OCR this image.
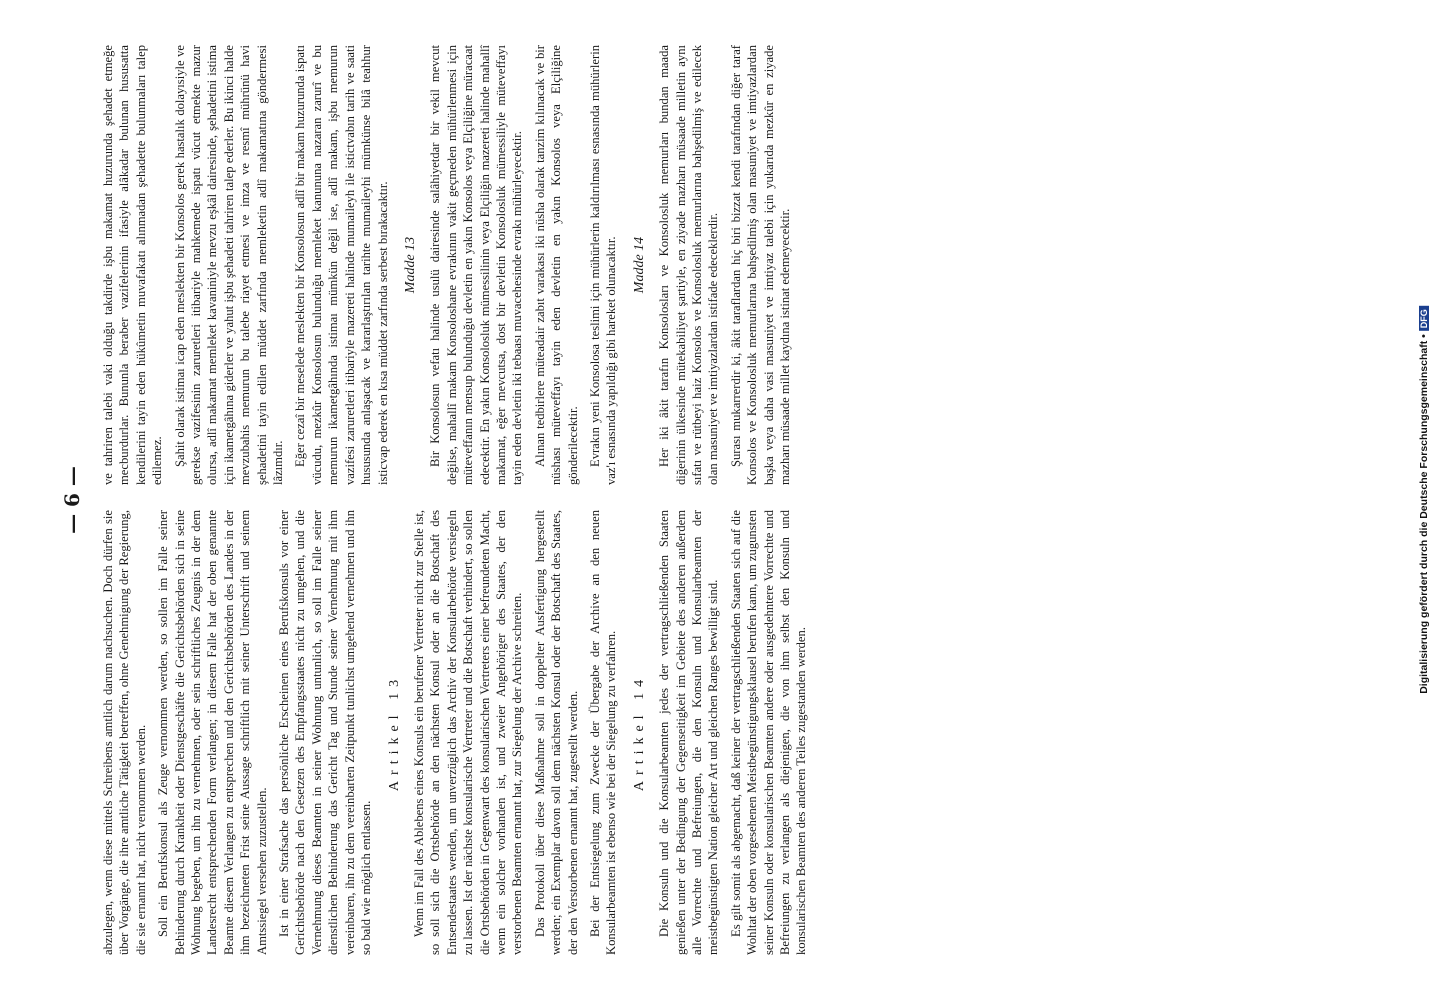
— 6 —

abzulegen, wenn diese mittels Schreibens amtlich darum nachsuchen. Doch dürfen sie über Vorgänge, die ihre amtliche Tätigkeit betreffen, ohne Genehmigung der Regierung, die sie ernannt hat, nicht vernommen werden. Soll ein Berufskonsul als Zeuge vernommen werden, so sollen im Falle seiner Behinderung durch Krankheit oder Dienstgeschäfte die Gerichtsbehörden sich in seine Wohnung begeben, um ihn zu vernehmen, oder sein schriftliches Zeugnis in der dem Landesrecht entsprechenden Form verlangen; in diesem Falle hat der oben genannte Beamte diesem Verlangen zu entsprechen und den Gerichtsbehörden des Landes in der ihm bezeichneten Frist seine Aussage schriftlich mit seiner Unterschrift und seinem Amtssiegel versehen zuzustellen. Ist in einer Strafsache das persönliche Erscheinen eines Berufskonsuls vor einer Gerichtsbehörde nach den Gesetzen des Empfangsstaates nicht zu umgehen, und die Vernehmung dieses Beamten in seiner Wohnung untunlich, so soll im Falle seiner dienstlichen Behinderung das Gericht Tag und Stunde seiner Vernehmung mit ihm vereinbaren, ihn zu dem vereinbarten Zeitpunkt tunlichst umgehend vernehmen und ihn so bald wie möglich entlassen.

Artikel 13 Wenn im Fall des Ablebens eines Konsuls ein berufener Vertreter nicht zur Stelle ist, so soll sich die Ortsbehörde an den nächsten Konsul oder an die Botschaft des Entsendestaates wenden, um unverzüglich das Archiv der Konsularbehörde versiegeln zu lassen. Ist der nächste konsularische Vertreter und die Botschaft verhindert, so sollen die Ortsbehörden in Gegenwart des konsularischen Vertreters einer befreundeten Macht, wenn ein solcher vorhanden ist, und zweier Angehöriger des Staates, der den verstorbenen Beamten ernannt hat, zur Siegelung der Archive schreiten. Das Protokoll über diese Maßnahme soll in doppelter Ausfertigung hergestellt werden; ein Exemplar davon soll dem nächsten Konsul oder der Botschaft des Staates, der den Verstorbenen ernannt hat, zugestellt werden. Bei der Entsiegelung zum Zwecke der Übergabe der Archive an den neuen Konsularbeamten ist ebenso wie bei der Siegelung zu verfahren. Artikel 14 Die Konsuln und die Konsularbeamten jedes der vertragschließenden Staaten genießen unter der Bedingung der Gegenseitigkeit im Gebiete des anderen außerdem alle Vorrechte und Befreiungen, die den Konsuln und Konsularbeamten der meistbegünstigten Nation gleicher Art und gleichen Ranges bewilligt sind. Es gilt somit als abgemacht, daß keiner der vertragschließenden Staaten sich auf die Wohltat der oben vorgesehenen Meistbegünstigungsklausel berufen kann, um zugunsten seiner Konsuln oder konsularischen Beamten andere oder ausgedehntere Vorrechte und Befreiungen zu verlangen als diejenigen, die von ihm selbst den Konsuln und konsularischen Beamten des anderen Teiles zugestanden werden.

ve tahriren talebi vaki olduğu takdirde işbu makamat huzurunda şehadet etmeğe mecburdurlar. Bununla beraber vazifelerinin ifasiyle alâkadar bulunan hususatta kendilerini tayin eden hükûmetin muvafakatı alınmadan şehadette bulunmaları talep edilemez. Şahit olarak istimaı icap eden meslekten bir Konsolos gerek hastalık dolayısiyle ve gerekse vazifesinin zaruretleri itibariyle mahkemede ispatı vücut etmekte mazur olursa, adlî makamat memleket kavaniniyle mevzu eşkâl dairesinde, şehadetini istima için ikametgâhına giderler ve yahut işbu şehadeti tahriren talep ederler. Bu ikinci halde mevzubahis memurun bu talebe riayet etmesi ve imza ve resmî mührünü havi şehadetini tayin edilen müddet zarfında memleketin adlî makamatına göndermesi lâzımdır. Eğer cezaî bir meselede meslekten bir Konsolosun adlî bir makam huzurunda ispatı vücudu, mezkûr Konsolosun bulunduğu memleket kanununa nazaran zarurî ve bu memurun ikametgâhında istimaı mümkün değil ise, adlî makam, işbu memurun vazifesi zaruretleri itibariyle mazereti halinde mumaileyh ile istictvabın tarih ve saati hususunda anlaşacak ve kararlaştırılan tarihte mumaileyhi mümkünse bilâ teahhur isticvap ederek en kısa müddet zarfında serbest bırakacaktır. Madde 13 Bir Konsolosun vefatı halinde usulü dairesinde salâhiyetdar bir vekil mevcut değilse, mahallî makam Konsoloshane evrakının vakit geçmeden mühürlenmesi için müteveffanın mensup bulunduğu devletin en yakın Konsolos veya Elçiliğine müracaat edecektir. En yakın Konsolosluk mümessilinin veya Elçiliğin mazereti halinde mahallî makamat, eğer mevcutsa, dost bir devletin Konsolosluk mümessiliyle müteveffayı tayin eden devletin iki tebaası muvacehesinde evrakı mühürleyecektir. Alınan tedbirlere müteadair zabıt varakası iki nüsha olarak tanzim kılınacak ve bir nüshası müteveffayı tayin eden devletin en yakın Konsolos veya Elçiliğine gönderilecektir. Evrakın yeni Konsolosa teslimi için mühürlerin kaldırılması esnasında mühürlerin vaz'ı esnasında yapıldığı gibi hareket olunacaktır. Madde 14 Her iki âkit tarafın Konsolosları ve Konsolosluk memurları bundan maada diğerinin ülkesinde mütekabiliyet şartiyle, en ziyade mazharı müsaade milletin aynı sıfatı ve rütbeyi haiz Konsolos ve Konsolosluk memurlarına bahşedilmiş ve edilecek olan masuniyet ve imtiyazlardan istifade edeceklerdir. Şurası mukarrerdir ki, âkit taraflardan hiç biri bizzat kendi tarafından diğer taraf Konsolos ve Konsolosluk memurlarına bahşedilmiş olan masuniyet ve imtiyazlardan başka veya daha vasi masuniyet ve imtiyaz talebi için yukarıda mezkûr en ziyade mazharı müsaade millet kaydına istinat edemeyecektir.	Digitalisierung gefördert durch die Deutsche Forschungsgemeinschaft •DFG
